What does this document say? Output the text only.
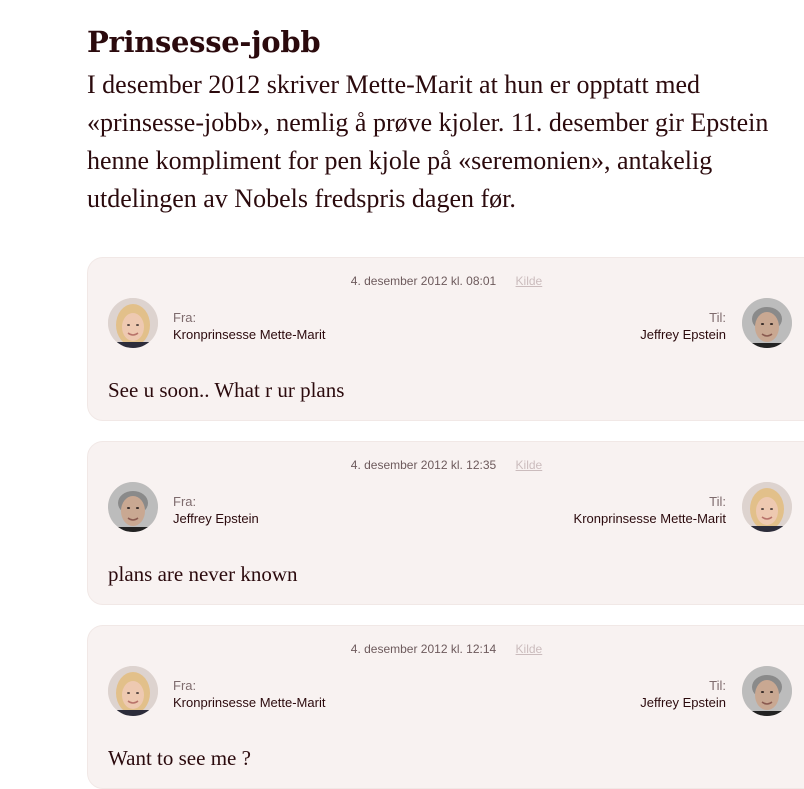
Prinsesse-jobb

I desember 2012 skriver Mette-Marit at hun er opptatt med
«prinsesse-jobb», nemlig å prøve kjoler. 11. desember gir Epstein
henne kompliment for pen kjole på «seremonien», antakelig
utdelingen av Nobels fredspris dagen før.

4. desember 2012 kl. 08:01 Kilde
Fra:
Kronprinsesse Mette-Marit
Til:
Jeffrey Epstein
See u soon.. What r ur plans
4. desember 2012 kl. 12:35 Kilde
Fra:
Jeffrey Epstein
Til:
Kronprinsesse Mette-Marit
plans are never known
4. desember 2012 kl. 12:14 Kilde
Fra:
Kronprinsesse Mette-Marit
Til:
Jeffrey Epstein
Want to see me ?
